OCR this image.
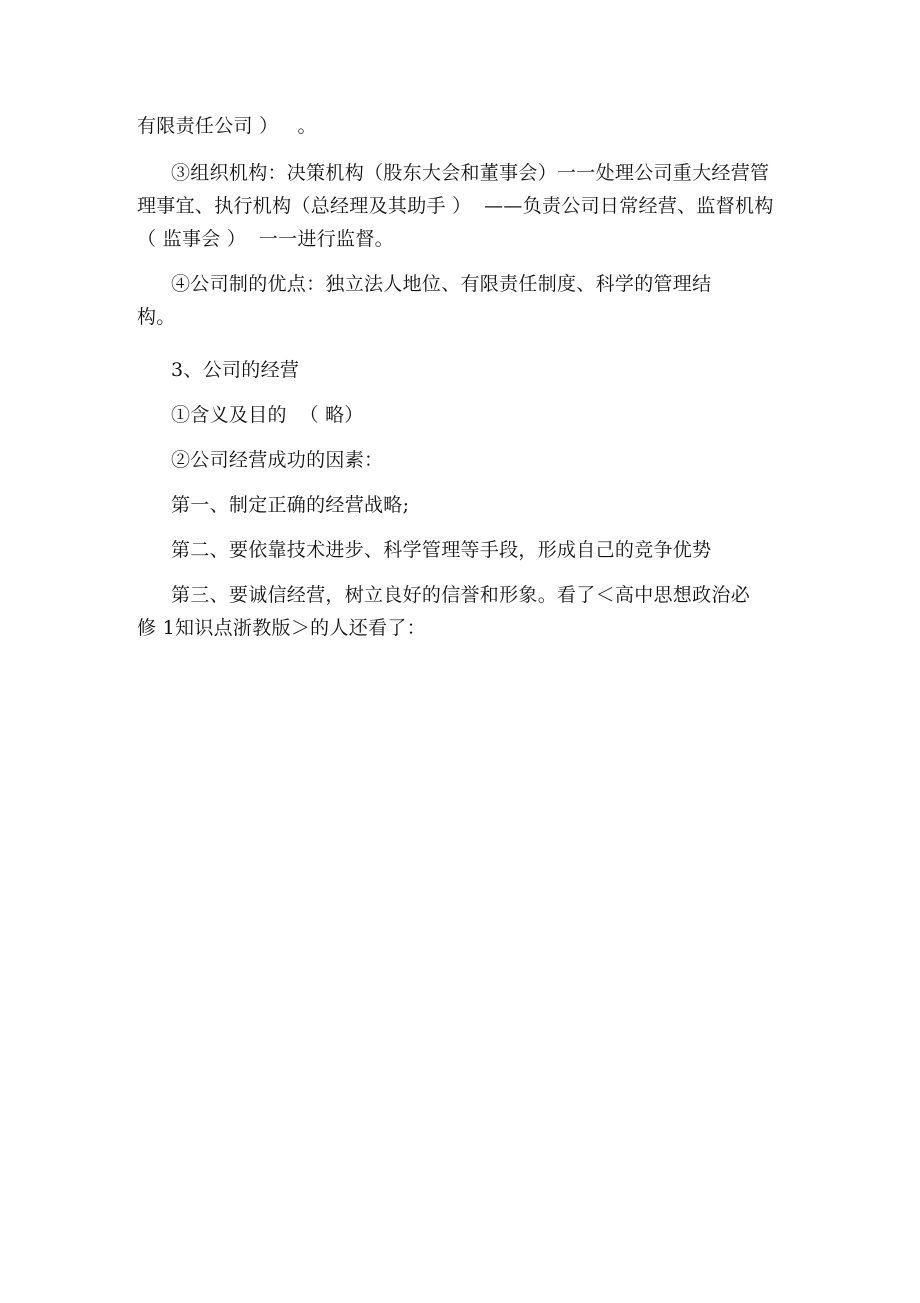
有限责任公司 ）   。

③组织机构：决策机构（股东大会和董事会）一一处理公司重大经营管理事宜、执行机构（总经理及其助手 ）  ——负责公司日常经营、监督机构  （ 监事会 ）  一一进行监督。

④公司制的优点：独立法人地位、有限责任制度、科学的管理结构。

3、公司的经营

①含义及目的  （ 略）

②公司经营成功的因素：

第一、制定正确的经营战略;

第二、要依靠技术进步、科学管理等手段，形成自己的竞争优势

第三、要诚信经营，树立良好的信誉和形象。看了＜高中思想政治必修 1知识点浙教版＞的人还看了：
